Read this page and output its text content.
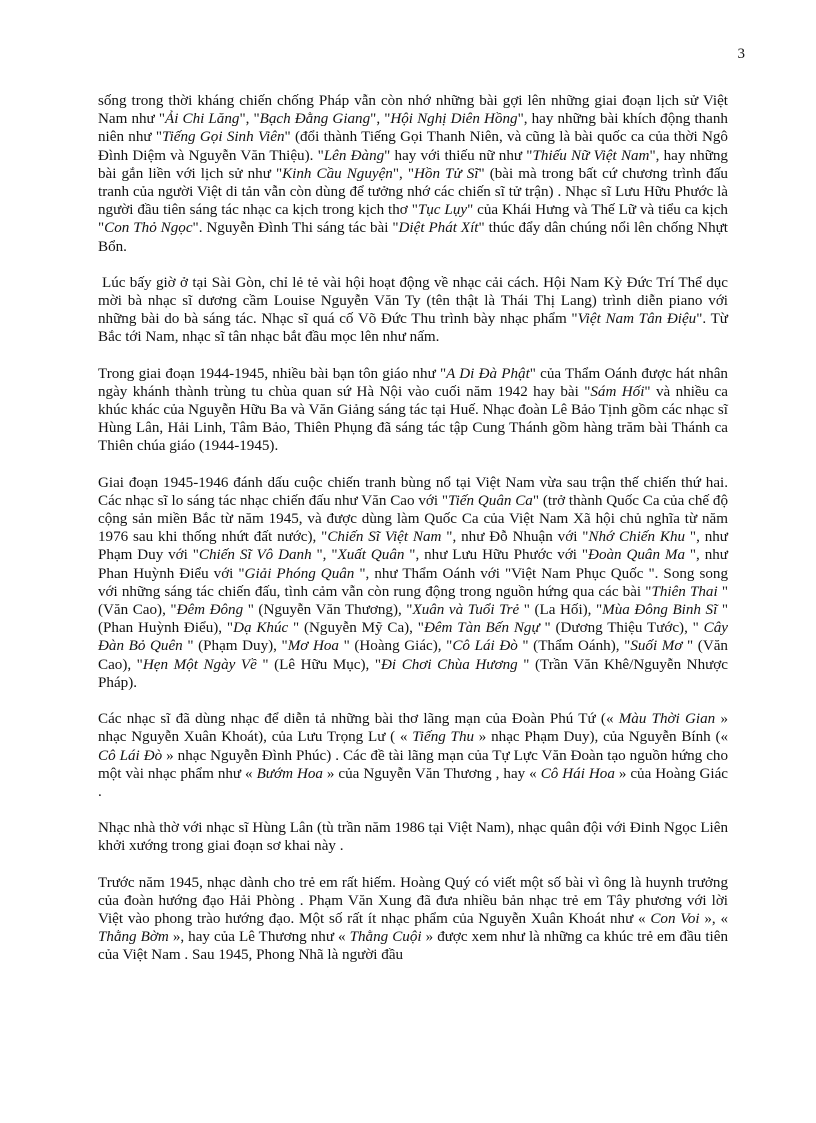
3

sống trong thời kháng chiến chống Pháp vẫn còn nhớ những bài gợi lên những giai đoạn lịch sử Việt Nam như "Ải Chi Lăng", "Bạch Đằng Giang", "Hội Nghị Diên Hồng", hay những bài khích động thanh niên như "Tiếng Gọi Sinh Viên" (đổi thành Tiếng Gọi Thanh Niên, và cũng là bài quốc ca của thời Ngô Đình Diệm và Nguyễn Văn Thiệu). "Lên Đàng" hay với thiếu nữ như "Thiếu Nữ Việt Nam", hay những bài gắn liền với lịch sử như "Kinh Cầu Nguyện", "Hồn Tử Sĩ" (bài mà trong bất cứ chương trình đấu tranh của người Việt di tản vẫn còn dùng để tưởng nhớ các chiến sĩ tử trận) . Nhạc sĩ Lưu Hữu Phước là người đầu tiên sáng tác nhạc ca kịch trong kịch thơ "Tục Lụy" của Khái Hưng và Thế Lữ và tiểu ca kịch "Con Thỏ Ngọc". Nguyễn Đình Thi sáng tác bài "Diệt Phát Xít" thúc đẩy dân chúng nổi lên chống Nhựt Bổn.

Lúc bấy giờ ở tại Sài Gòn, chỉ lẻ tẻ vài hội hoạt động về nhạc cải cách. Hội Nam Kỳ Đức Trí Thể dục mời bà nhạc sĩ dương cầm Louise Nguyễn Văn Ty (tên thật là Thái Thị Lang) trình diễn piano với những bài do bà sáng tác. Nhạc sĩ quá cố Võ Đức Thu trình bày nhạc phẩm "Việt Nam Tân Điệu". Từ Bắc tới Nam, nhạc sĩ tân nhạc bắt đầu mọc lên như nấm.

Trong giai đoạn 1944-1945, nhiều bài bạn tôn giáo như "A Di Đà Phật" của Thẩm Oánh được hát nhân ngày khánh thành trùng tu chùa quan sứ Hà Nội vào cuối năm 1942 hay bài "Sám Hối" và nhiều ca khúc khác của Nguyễn Hữu Ba và Văn Giảng sáng tác tại Huế. Nhạc đoàn Lê Bảo Tịnh gồm các nhạc sĩ Hùng Lân, Hải Linh, Tâm Bảo, Thiên Phụng đã sáng tác tập Cung Thánh gồm hàng trăm bài Thánh ca Thiên chúa giáo (1944-1945).

Giai đoạn 1945-1946 đánh dấu cuộc chiến tranh bùng nổ tại Việt Nam vừa sau trận thế chiến thứ hai. Các nhạc sĩ lo sáng tác nhạc chiến đấu như Văn Cao với "Tiến Quân Ca" (trở thành Quốc Ca của chế độ cộng sản miền Bắc từ năm 1945, và được dùng làm Quốc Ca của Việt Nam Xã hội chủ nghĩa từ năm 1976 sau khi thống nhứt đất nước), "Chiến Sĩ Việt Nam ", như Đỗ Nhuận với "Nhớ Chiến Khu ", như Phạm Duy với "Chiến Sĩ Vô Danh ", "Xuất Quân ", như Lưu Hữu Phước với "Đoàn Quân Ma ", như Phan Huỳnh Điểu với "Giải Phóng Quân ", như Thẩm Oánh với "Việt Nam Phục Quốc ". Song song với những sáng tác chiến đấu, tình cảm vẫn còn rung động trong nguồn hứng qua các bài "Thiên Thai " (Văn Cao), "Đêm Đông " (Nguyễn Văn Thương), "Xuân và Tuổi Trẻ " (La Hối), "Mùa Đông Binh Sĩ " (Phan Huỳnh Điểu), "Dạ Khúc " (Nguyễn Mỹ Ca), "Đêm Tàn Bến Ngự " (Dương Thiệu Tước), " Cây Đàn Bỏ Quên " (Phạm Duy), "Mơ Hoa " (Hoàng Giác), "Cô Lái Đò " (Thẩm Oánh), "Suối Mơ " (Văn Cao), "Hẹn Một Ngày Về " (Lê Hữu Mục), "Đi Chơi Chùa Hương " (Trần Văn Khê/Nguyễn Nhược Pháp).

Các nhạc sĩ đã dùng nhạc để diễn tả những bài thơ lãng mạn của Đoàn Phú Tứ (« Màu Thời Gian » nhạc Nguyễn Xuân Khoát), của Lưu Trọng Lư ( « Tiếng Thu » nhạc Phạm Duy), của Nguyễn Bính (« Cô Lái Đò » nhạc Nguyễn Đình Phúc) . Các đề tài lãng mạn của Tự Lực Văn Đoàn tạo nguồn hứng cho một vài nhạc phẩm như « Bướm Hoa » của Nguyễn Văn Thương , hay « Cô Hái Hoa » của Hoàng Giác .

Nhạc nhà thờ với nhạc sĩ Hùng Lân (tù trần năm 1986 tại Việt Nam), nhạc quân đội với Đinh Ngọc Liên khởi xướng trong giai đoạn sơ khai này .

Trước năm 1945, nhạc dành cho trẻ em rất hiếm. Hoàng Quý có viết một số bài vì ông là huynh trưởng của đoàn hướng đạo Hải Phòng . Phạm Văn Xung đã đưa nhiều bản nhạc trẻ em Tây phương với lời Việt vào phong trào hướng đạo. Một số rất ít nhạc phẩm của Nguyễn Xuân Khoát như « Con Voi », « Thằng Bờm », hay của Lê Thương như « Thằng Cuội » được xem như là những ca khúc trẻ em đầu tiên của Việt Nam . Sau 1945, Phong Nhã là người đầu
